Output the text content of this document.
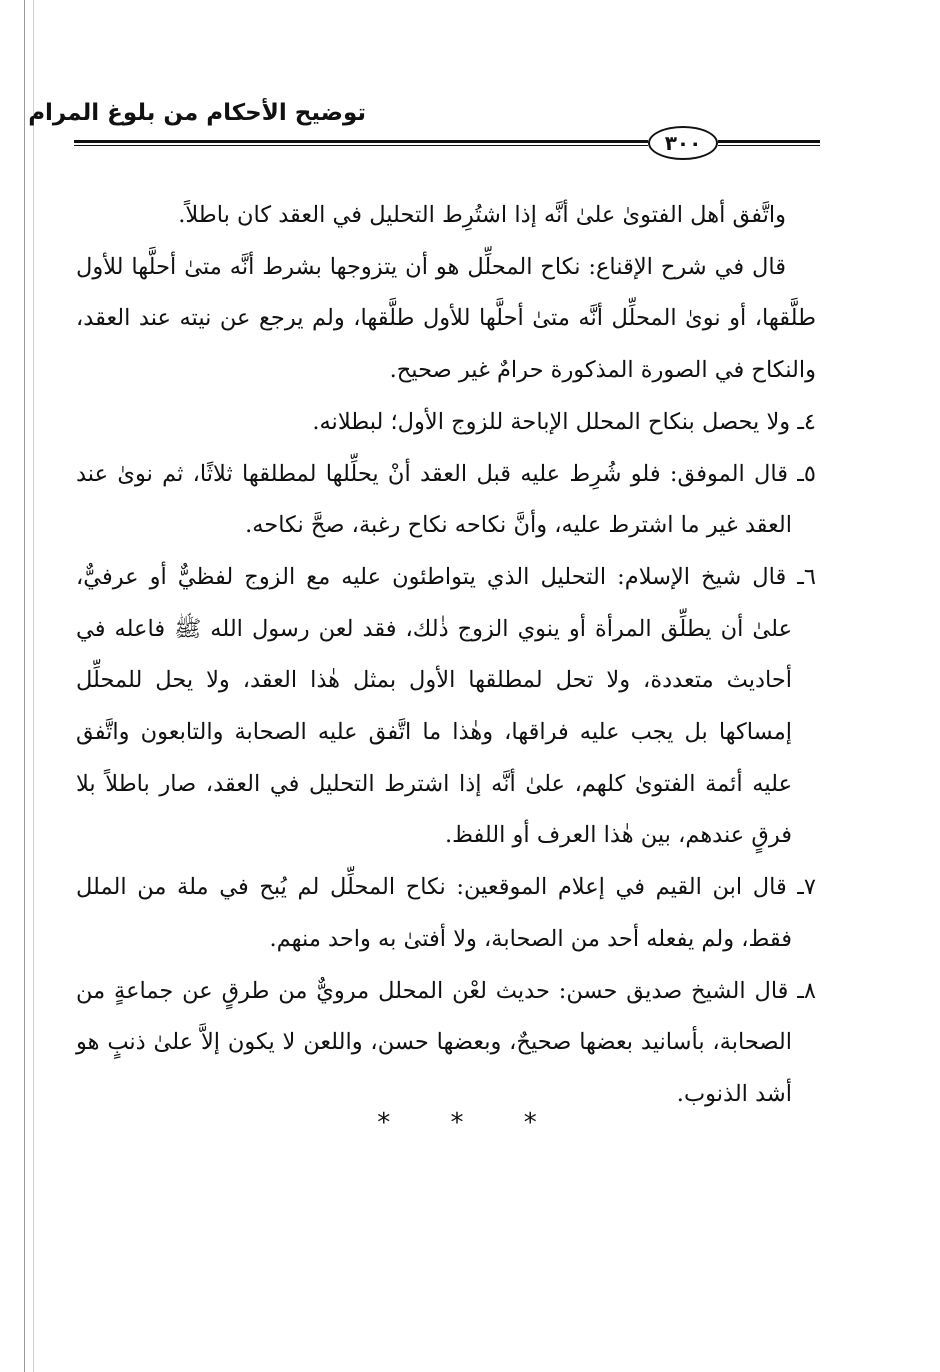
توضيح الأحكام من بلوغ المرام
٣٠٠

واتَّفق أهل الفتوىٰ علىٰ أنَّه إذا اشتُرِط التحليل في العقد كان باطلاً.

قال في شرح الإقناع: نكاح المحلِّل هو أن يتزوجها بشرط أنَّه متىٰ أحلَّها للأول طلَّقها، أو نوىٰ المحلِّل أنَّه متىٰ أحلَّها للأول طلَّقها، ولم يرجع عن نيته عند العقد، والنكاح في الصورة المذكورة حرامٌ غير صحيح.

٤ـ ولا يحصل بنكاح المحلل الإباحة للزوج الأول؛ لبطلانه.

٥ـ قال الموفق: فلو شُرِط عليه قبل العقد أنْ يحلِّلها لمطلقها ثلاثًا، ثم نوىٰ عند العقد غير ما اشترط عليه، وأنَّ نكاحه نكاح رغبة، صحَّ نكاحه.

٦ـ قال شيخ الإسلام: التحليل الذي يتواطئون عليه مع الزوج لفظيٌّ أو عرفيٌّ، علىٰ أن يطلِّق المرأة أو ينوي الزوج ذٰلك، فقد لعن رسول الله ﷺ فاعله في أحاديث متعددة، ولا تحل لمطلقها الأول بمثل هٰذا العقد، ولا يحل للمحلِّل إمساكها بل يجب عليه فراقها، وهٰذا ما اتَّفق عليه الصحابة والتابعون واتَّفق عليه أئمة الفتوىٰ كلهم، علىٰ أنَّه إذا اشترط التحليل في العقد، صار باطلاً بلا فرقٍ عندهم، بين هٰذا العرف أو اللفظ.

٧ـ قال ابن القيم في إعلام الموقعين: نكاح المحلِّل لم يُبح في ملة من الملل فقط، ولم يفعله أحد من الصحابة، ولا أفتىٰ به واحد منهم.

٨ـ قال الشيخ صديق حسن: حديث لعْن المحلل مرويٌّ من طرقٍ عن جماعةٍ من الصحابة، بأسانيد بعضها صحيحٌ، وبعضها حسن، واللعن لا يكون إلاَّ علىٰ ذنبٍ هو أشد الذنوب.

* * *
